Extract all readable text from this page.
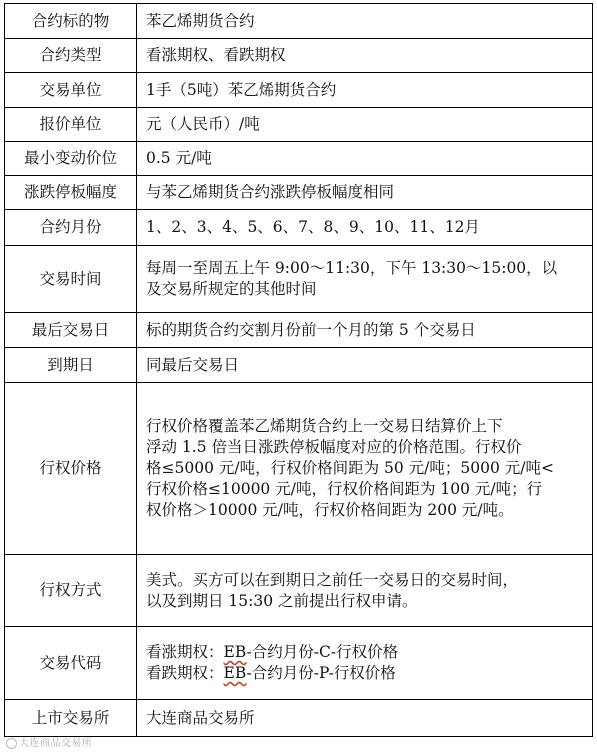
合约标的物	苯乙烯期货合约
合约类型	看涨期权、看跌期权
交易单位	1手（5吨）苯乙烯期货合约
报价单位	元（人民币）/吨
最小变动价位	0.5 元/吨
涨跌停板幅度	与苯乙烯期货合约涨跌停板幅度相同
合约月份	1、2、3、4、5、6、7、8、9、10、11、12月
交易时间	每周一至周五上午 9:00～11:30，下午 13:30～15:00，以
及交易所规定的其他时间

最后交易日	标的期货合约交割月份前一个月的第 5 个交易日
到期日	同最后交易日
行权价格	行权价格覆盖苯乙烯期货合约上一交易日结算价上下
浮动 1.5 倍当日涨跌停板幅度对应的价格范围。行权价
格≤5000 元/吨，行权价格间距为 50 元/吨；5000 元/吨<
行权价格≤10000 元/吨，行权价格间距为 100 元/吨；行
权价格＞10000 元/吨，行权价格间距为 200 元/吨。

行权方式	美式。买方可以在到期日之前任一交易日的交易时间，
以及到期日 15:30 之前提出行权申请。

交易代码	看涨期权：EB-合约月份-C-行权价格
看跌期权：EB-合约月份-P-行权价格

上市交易所	大连商品交易所
大连商品交易所
